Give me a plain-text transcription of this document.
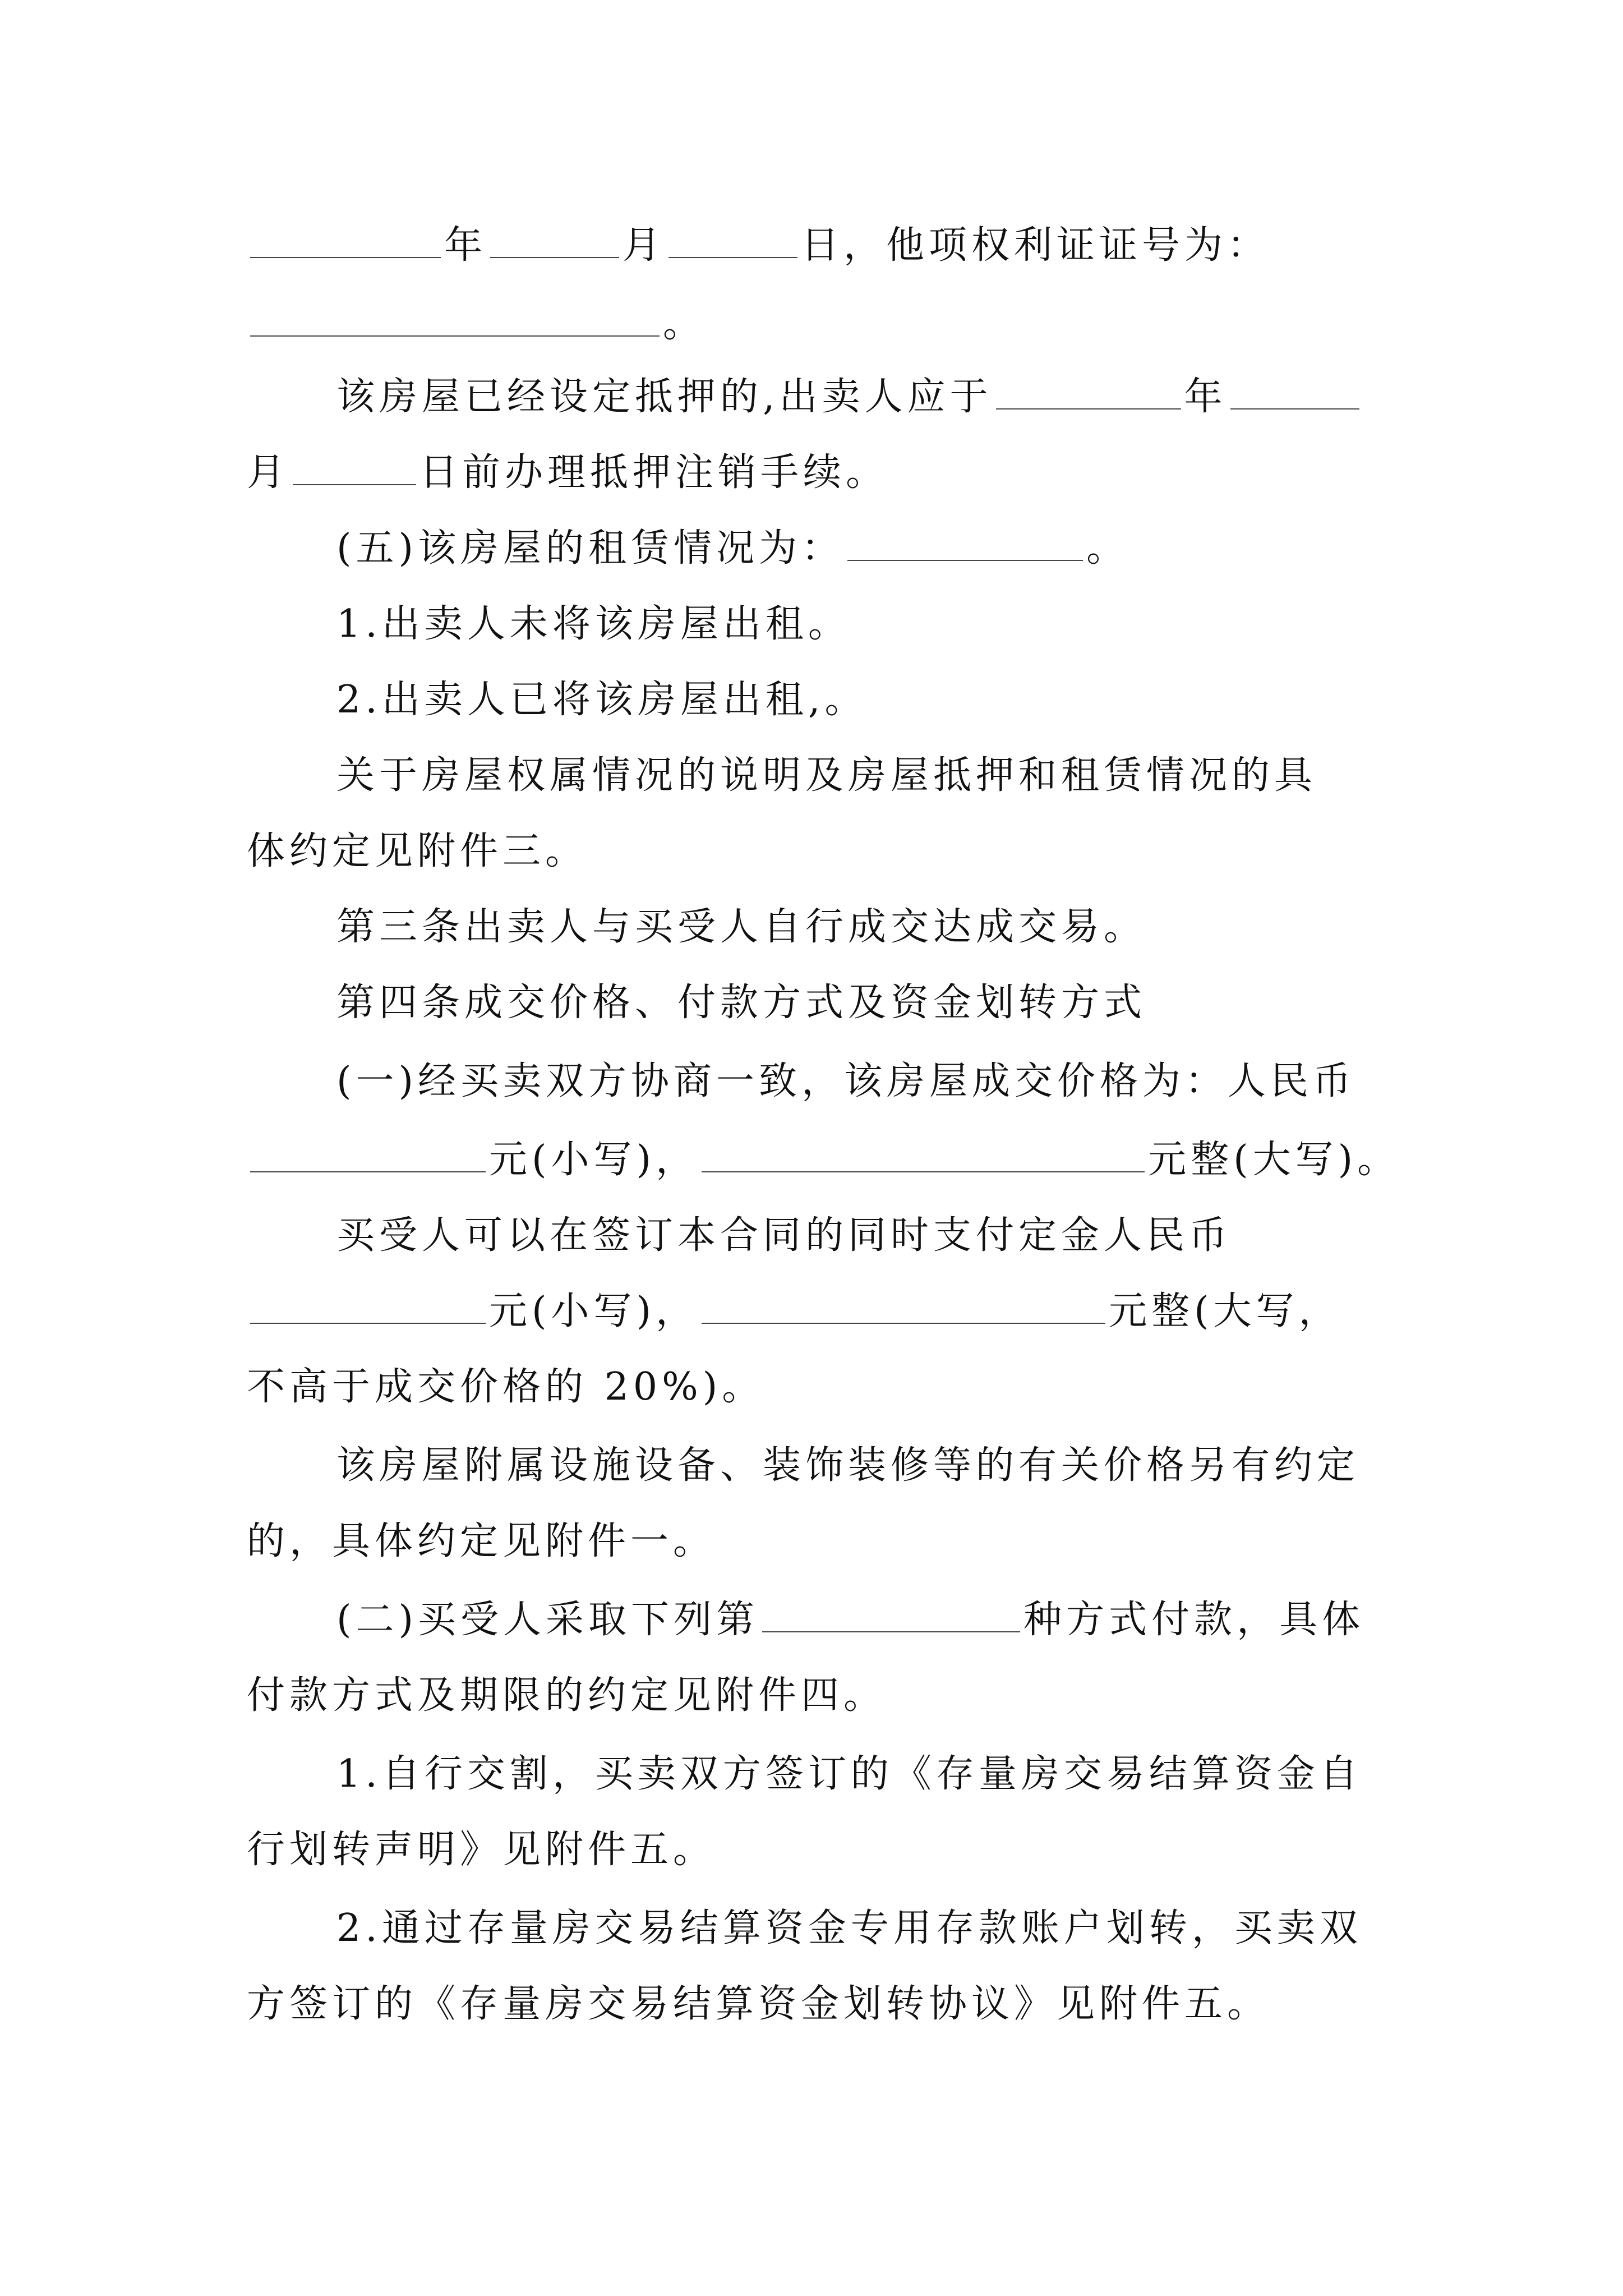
年	月	日，他项权利证证号为：
。
该房屋已经设定抵押的,出卖人应于	年
月	日前办理抵押注销手续。
(五)该房屋的租赁情况为：	。
1.出卖人未将该房屋出租。
2.出卖人已将该房屋出租,。
关于房屋权属情况的说明及房屋抵押和租赁情况的具
体约定见附件三。
第三条出卖人与买受人自行成交达成交易。
第四条成交价格、付款方式及资金划转方式
(一)经买卖双方协商一致，该房屋成交价格为：人民币
元(小写)，	元整(大写)。
买受人可以在签订本合同的同时支付定金人民币
元(小写)，	元整(大写，
不高于成交价格的 20%)。
该房屋附属设施设备、装饰装修等的有关价格另有约定
的，具体约定见附件一。
(二)买受人采取下列第	种方式付款，具体
付款方式及期限的约定见附件四。
1.自行交割，买卖双方签订的《存量房交易结算资金自
行划转声明》见附件五。
2.通过存量房交易结算资金专用存款账户划转，买卖双
方签订的《存量房交易结算资金划转协议》见附件五。
